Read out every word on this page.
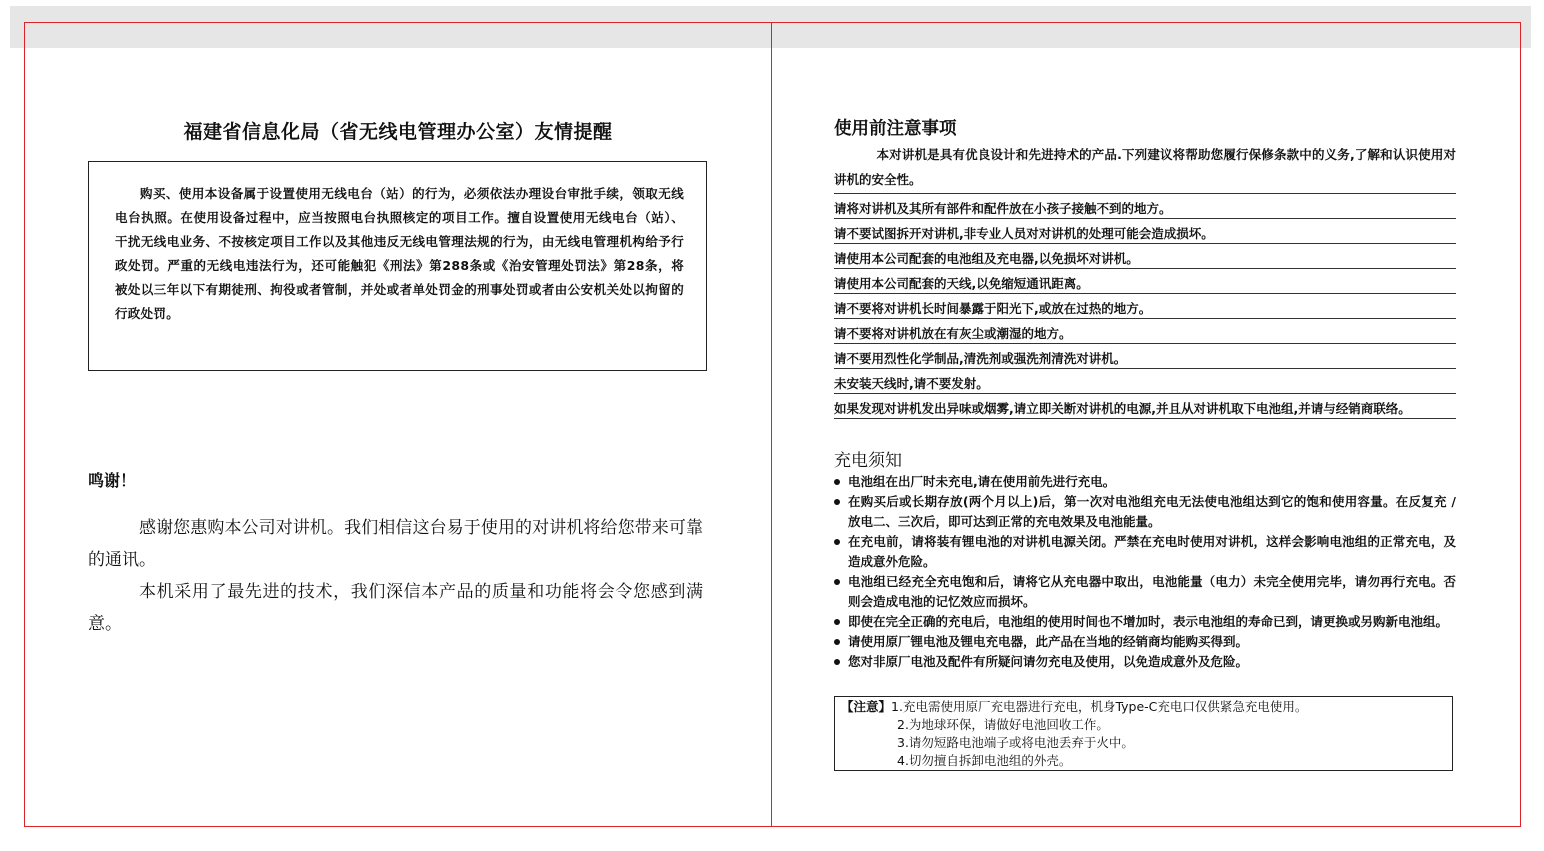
福建省信息化局（省无线电管理办公室）友情提醒

购买、使用本设备属于设置使用无线电台（站）的行为，必须依法办理设台审批手续，领取无线电台执照。在使用设备过程中，应当按照电台执照核定的项目工作。擅自设置使用无线电台（站）、干扰无线电业务、不按核定项目工作以及其他违反无线电管理法规的行为，由无线电管理机构给予行政处罚。严重的无线电违法行为，还可能触犯《刑法》第288条或《治安管理处罚法》第28条，将被处以三年以下有期徒刑、拘役或者管制，并处或者单处罚金的刑事处罚或者由公安机关处以拘留的行政处罚。

鸣谢！

感谢您惠购本公司对讲机。我们相信这台易于使用的对讲机将给您带来可靠的通讯。

本机采用了最先进的技术，我们深信本产品的质量和功能将会令您感到满意。

使用前注意事项

本对讲机是具有优良设计和先进持术的产品.下列建议将帮助您履行保修条款中的义务,了解和认识使用对讲机的安全性。

请将对讲机及其所有部件和配件放在小孩子接触不到的地方。
请不要试图拆开对讲机,非专业人员对对讲机的处理可能会造成损坏。
请使用本公司配套的电池组及充电器,以免损坏对讲机。
请使用本公司配套的天线,以免缩短通讯距离。
请不要将对讲机长时间暴露于阳光下,或放在过热的地方。
请不要将对讲机放在有灰尘或潮湿的地方。
请不要用烈性化学制品,清洗剂或强洗剂清洗对讲机。
未安装天线时,请不要发射。
如果发现对讲机发出异味或烟雾,请立即关断对讲机的电源,并且从对讲机取下电池组,并请与经销商联络。
充电须知
电池组在出厂时未充电,请在使用前先进行充电。
在购买后或长期存放(两个月以上)后，第一次对电池组充电无法使电池组达到它的饱和使用容量。在反复充 / 放电二、三次后，即可达到正常的充电效果及电池能量。
在充电前，请将装有锂电池的对讲机电源关闭。严禁在充电时使用对讲机，这样会影响电池组的正常充电，及造成意外危险。
电池组已经充全充电饱和后，请将它从充电器中取出，电池能量（电力）未完全使用完毕，请勿再行充电。否则会造成电池的记忆效应而损坏。
即使在完全正确的充电后，电池组的使用时间也不增加时，表示电池组的寿命已到，请更换或另购新电池组。
请使用原厂锂电池及锂电充电器，此产品在当地的经销商均能购买得到。
您对非原厂电池及配件有所疑问请勿充电及使用，以免造成意外及危险。
【注意】1.充电需使用原厂充电器进行充电，机身Type-C充电口仅供紧急充电使用。
2.为地球环保，请做好电池回收工作。
3.请勿短路电池端子或将电池丢弃于火中。
4.切勿擅自拆卸电池组的外壳。
